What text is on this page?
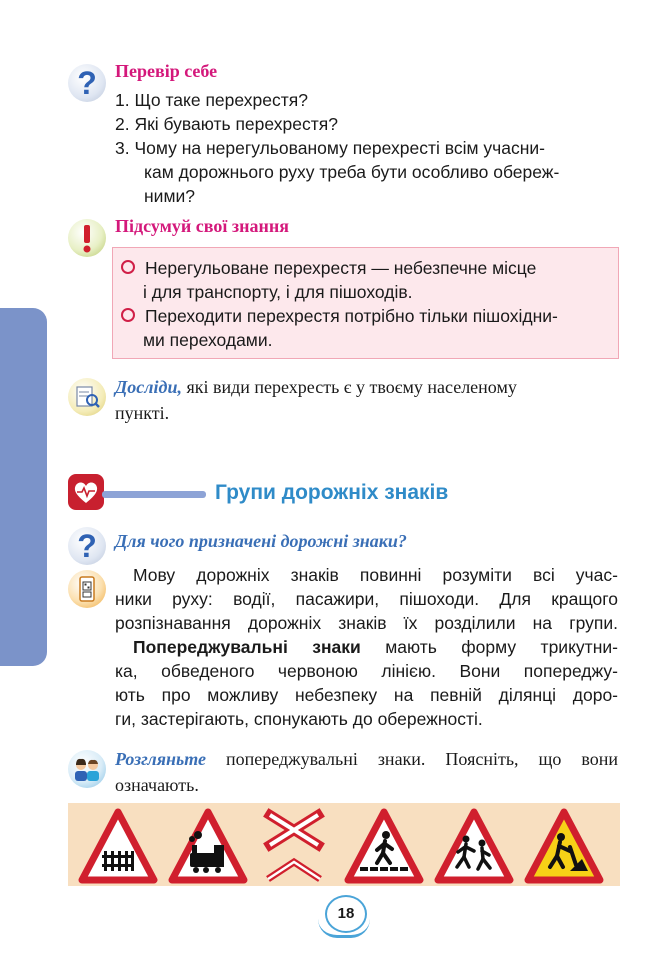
?	Перевір себе
1. Що таке перехрестя?
2. Які бувають перехрестя?
3. Чому на нерегульованому перехресті всім учасни-
кам дорожнього руху треба бути особливо обереж-
ними?
Підсумуй свої знання
Нерегульоване перехрестя — небезпечне місце
і для транспорту, і для пішоходів.
Переходити перехрестя потрібно тільки пішохідни-
ми переходами.
Досліди, які види перехресть є у твоєму населеному
пункті.
Групи дорожніх знаків
?	Для чого призначені дорожні знаки?
Мову дорожніх знаків повинні розуміти всі учас-
ники руху: водії, пасажири, пішоходи. Для кращого
розпізнавання дорожніх знаків їх розділили на групи.
Попереджувальні знаки мають форму трикутни-
ка, обведеного червоною лінією. Вони попереджу-
ють про можливу небезпеку на певній ділянці доро-
ги, застерігають, спонукають до обережності.
Розгляньте попереджувальні знаки. Поясніть, що вони
означають.
18
